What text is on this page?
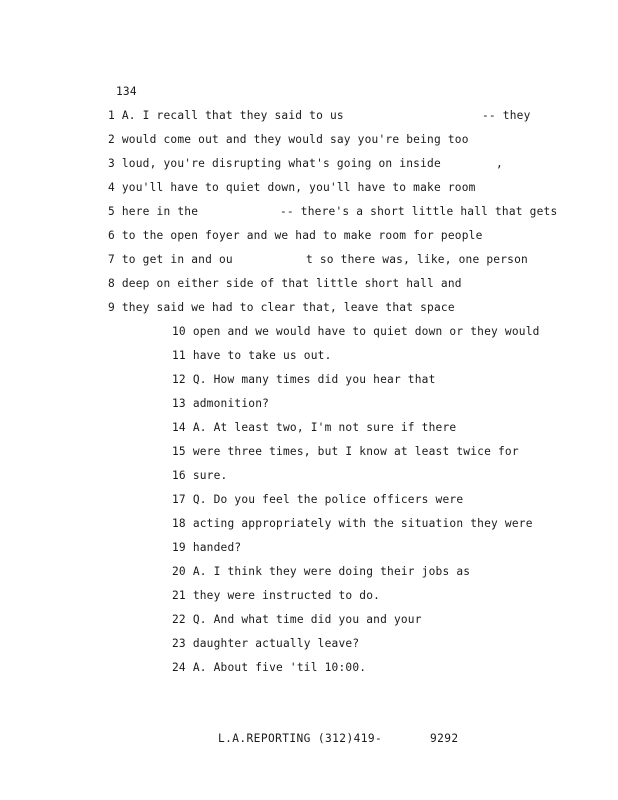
134
1 A. I recall that they said to us	-- they
2 would come out and they would say you're being too
3 loud, you're disrupting what's going on inside	,
4 you'll have to quiet down, you'll have to make room
5 here in the	-- there's a short little hall that gets
6 to the open foyer and we had to make room for people
7 to get in and ou	t so there was, like, one person
8 deep on either side of that little short hall and
9 they said we had to clear that, leave that space
10 open and we would have to quiet down or they would
11 have to take us out.
12 Q. How many times did you hear that
13 admonition?
14 A. At least two, I'm not sure if there
15 were three times, but I know at least twice for
16 sure.
17 Q. Do you feel the police officers were
18 acting appropriately with the situation they were
19 handed?
20 A. I think they were doing their jobs as
21 they were instructed to do.
22 Q. And what time did you and your
23 daughter actually leave?
24 A. About five 'til 10:00.
L.A.REPORTING (312)419-	9292
